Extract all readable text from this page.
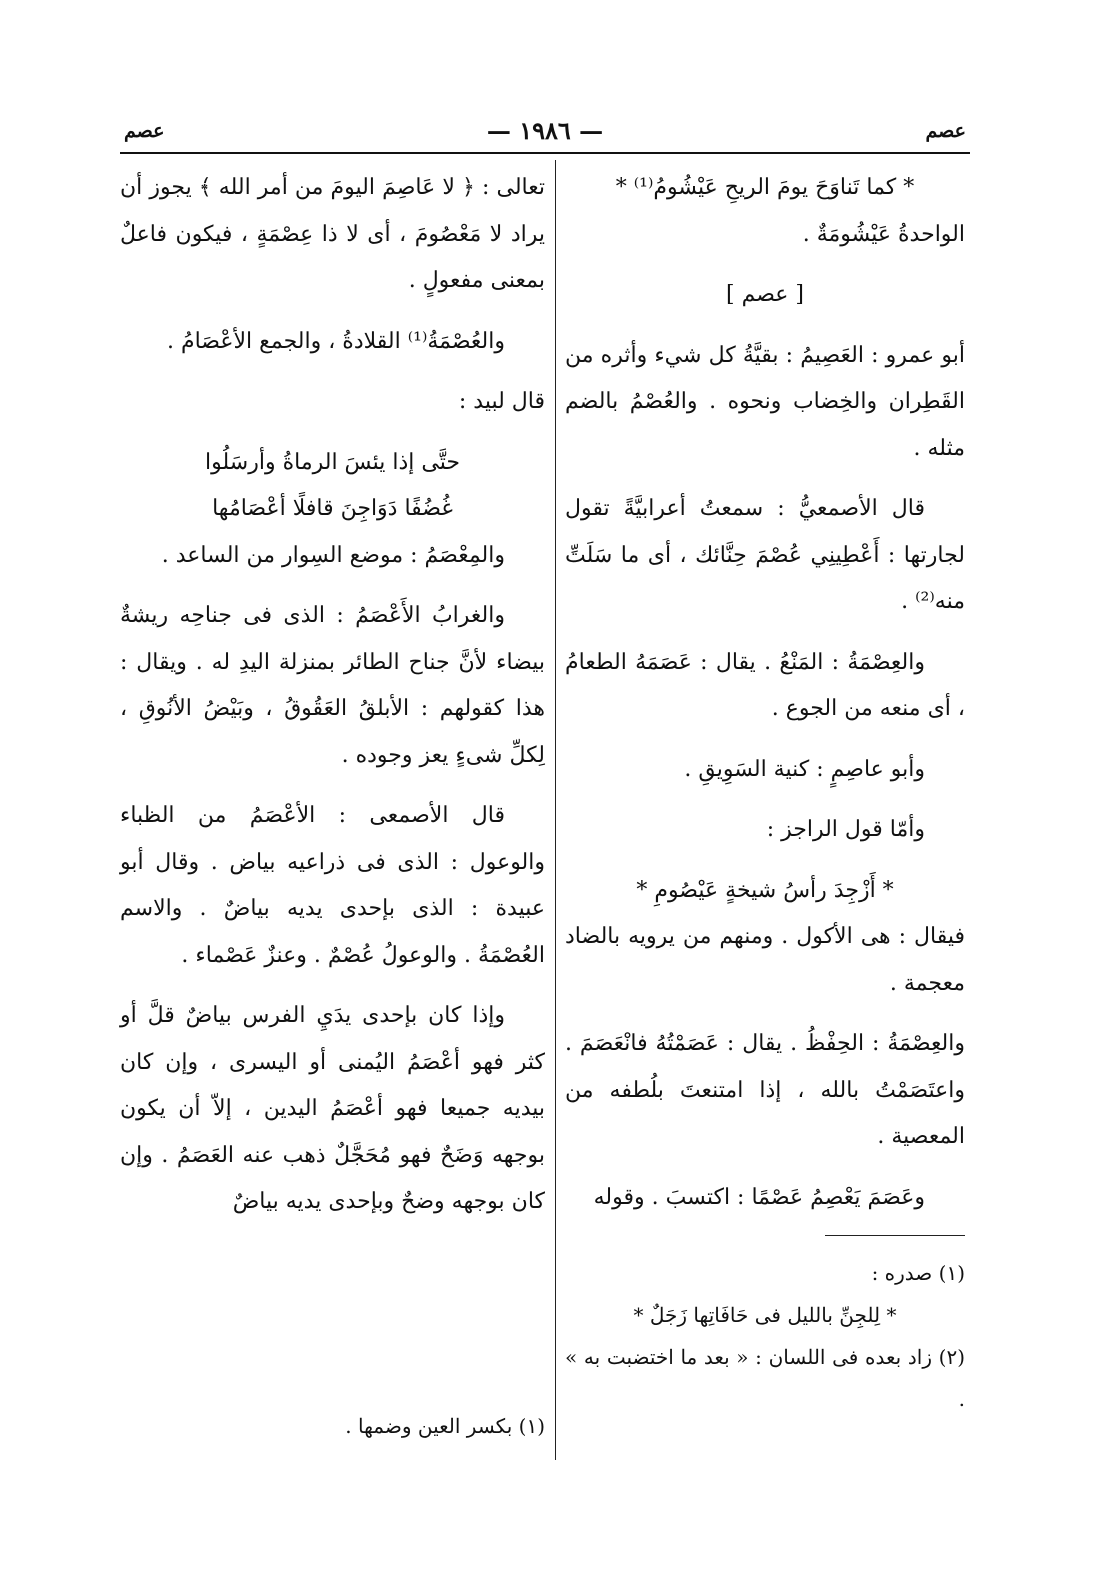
عصم
— ١٩٨٦ —
عصم

* كما تَناوَحَ يومَ الريحِ عَيْشُومُ⁽¹⁾ *

الواحدةُ عَيْشُومَةٌ .

[ عصم ]

أبو عمرو : العَصِيمُ : بقيَّةُ كل شيء وأثره من القَطِران والخِضاب ونحوه . والعُصْمُ بالضم مثله .

قال الأصمعيُّ : سمعتُ أعرابيَّةً تقول لجارتها : أَعْطِينِي عُصْمَ حِنَّائك ، أى ما سَلَتِّ منه⁽²⁾ .

والعِصْمَةُ : المَنْعُ . يقال : عَصَمَهُ الطعامُ ، أى منعه من الجوع .

وأبو عاصِمٍ : كنية السَوِيقِ .

وأمّا قول الراجز :

* أَزْجِدَ رأسُ شيخةٍ عَيْصُومِ *

فيقال : هى الأكول . ومنهم من يرويه بالضاد معجمة .

والعِصْمَةُ : الحِفْظُ . يقال : عَصَمْتُهُ فانْعَصَمَ . واعتَصَمْتُ بالله ، إذا امتنعتَ بلُطفه من المعصية .

وعَصَمَ يَعْصِمُ عَصْمًا : اكتسبَ . وقوله

(١) صدره :
* لِلجِنِّ بالليل فى حَافَاتِها زَجَلٌ *
(٢) زاد بعده فى اللسان : « بعد ما اختضبت به » .

تعالى : ﴿ لا عَاصِمَ اليومَ من أمر الله ﴾ يجوز أن يراد لا مَعْصُومَ ، أى لا ذا عِصْمَةٍ ، فيكون فاعلٌ بمعنى مفعولٍ .

والعُصْمَةُ⁽¹⁾ القلادةُ ، والجمع الأعْصَامُ .

قال لبيد :

حتَّى إذا يئسَ الرماةُ وأرسَلُوا

غُضُفًا دَوَاجِنَ قافلًا أعْصَامُها

والمِعْصَمُ : موضع السِوار من الساعد .

والغرابُ الأَعْصَمُ : الذى فى جناحِه ريشةٌ بيضاء لأنَّ جناح الطائر بمنزلة اليدِ له . ويقال : هذا كقولهم : الأبلقُ العَقُوقُ ، وبَيْضُ الأنُوقِ ، لِكلِّ شىءٍ يعز وجوده .

قال الأصمعى : الأعْصَمُ من الظباء والوعول : الذى فى ذراعيه بياض . وقال أبو عبيدة : الذى بإحدى يديه بياضٌ . والاسم العُصْمَةُ . والوعولُ عُصْمٌ . وعنزٌ عَصْماء .

وإذا كان بإحدى يدَيِ الفرس بياضٌ قلَّ أو كثر فهو أعْصَمُ اليُمنى أو اليسرى ، وإن كان بيديه جميعا فهو أعْصَمُ اليدين ، إلاّ أن يكون بوجهه وَضَحٌ فهو مُحَجَّلٌ ذهب عنه العَصَمُ . وإن كان بوجهه وضحٌ وبإحدى يديه بياضٌ

(١) بكسر العين وضمها .
